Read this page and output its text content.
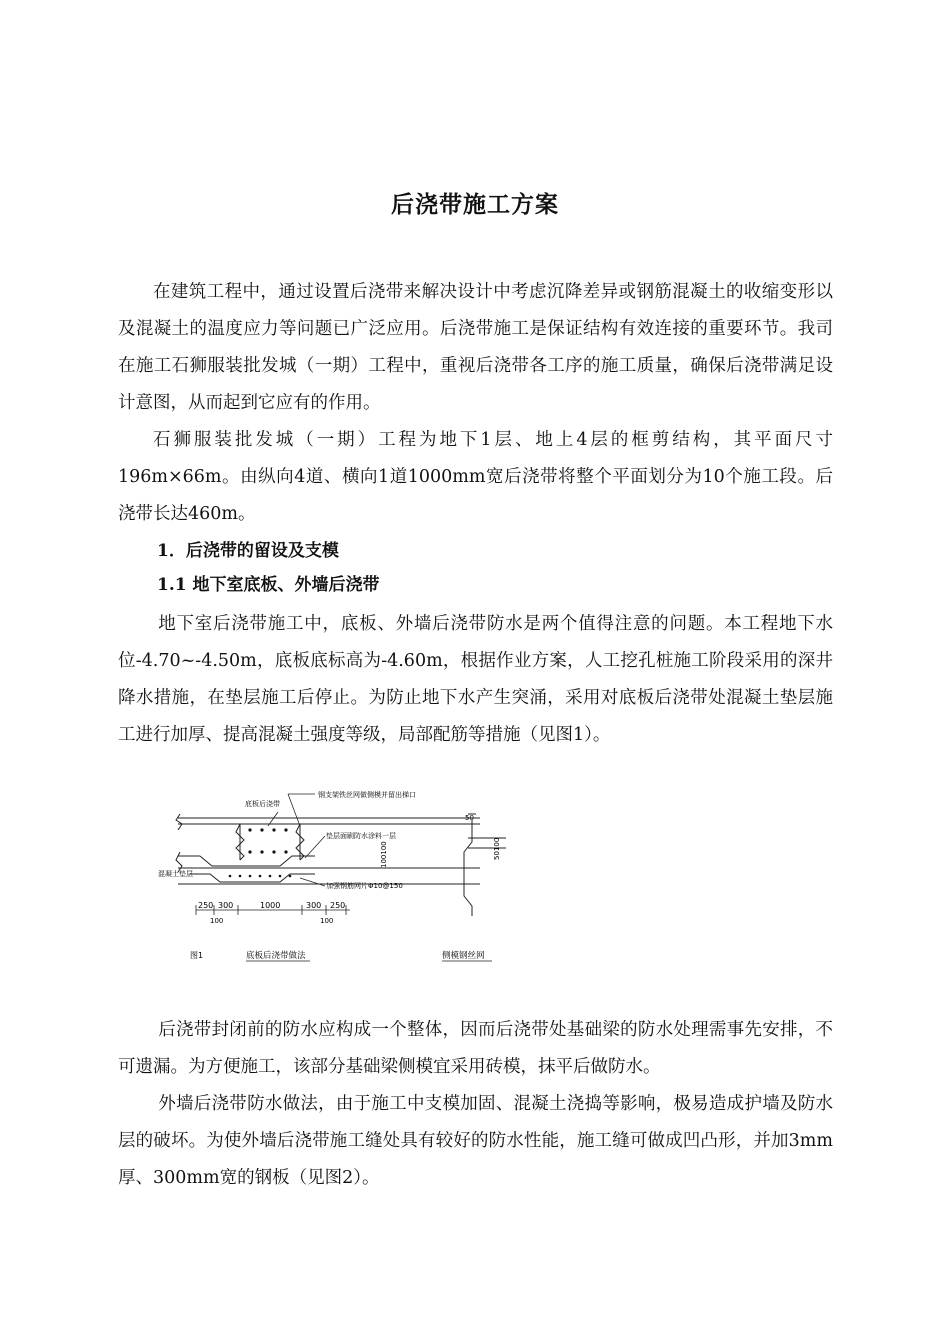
后浇带施工方案

在建筑工程中，通过设置后浇带来解决设计中考虑沉降差异或钢筋混凝土的收缩变形以及混凝土的温度应力等问题已广泛应用。后浇带施工是保证结构有效连接的重要环节。我司在施工石狮服装批发城（一期）工程中，重视后浇带各工序的施工质量，确保后浇带满足设计意图，从而起到它应有的作用。

石狮服装批发城（一期）工程为地下1层、地上4层的框剪结构，其平面尺寸196m×66m。由纵向4道、横向1道1000mm宽后浇带将整个平面划分为10个施工段。后浇带长达460m。

1．后浇带的留设及支模
1.1 地下室底板、外墙后浇带

地下室后浇带施工中，底板、外墙后浇带防水是两个值得注意的问题。本工程地下水位-4.70~-4.50m，底板底标高为-4.60m，根据作业方案，人工挖孔桩施工阶段采用的深井降水措施，在垫层施工后停止。为防止地下水产生突涌，采用对底板后浇带处混凝土垫层施工进行加厚、提高混凝土强度等级，局部配筋等措施（见图1）。

底板后浇带
钢支架铁丝网做侧模并留出梯口
垫层面刷防水涂料一层
混凝土垫层
加强钢筋网片Φ10@150
100100
250 300	1000	300 250
100	100
50
50100
图1	底板后浇带做法	侧模钢丝网

后浇带封闭前的防水应构成一个整体，因而后浇带处基础梁的防水处理需事先安排，不可遗漏。为方便施工，该部分基础梁侧模宜采用砖模，抹平后做防水。

外墙后浇带防水做法，由于施工中支模加固、混凝土浇捣等影响，极易造成护墙及防水层的破坏。为使外墙后浇带施工缝处具有较好的防水性能，施工缝可做成凹凸形，并加3mm厚、300mm宽的钢板（见图2）。
